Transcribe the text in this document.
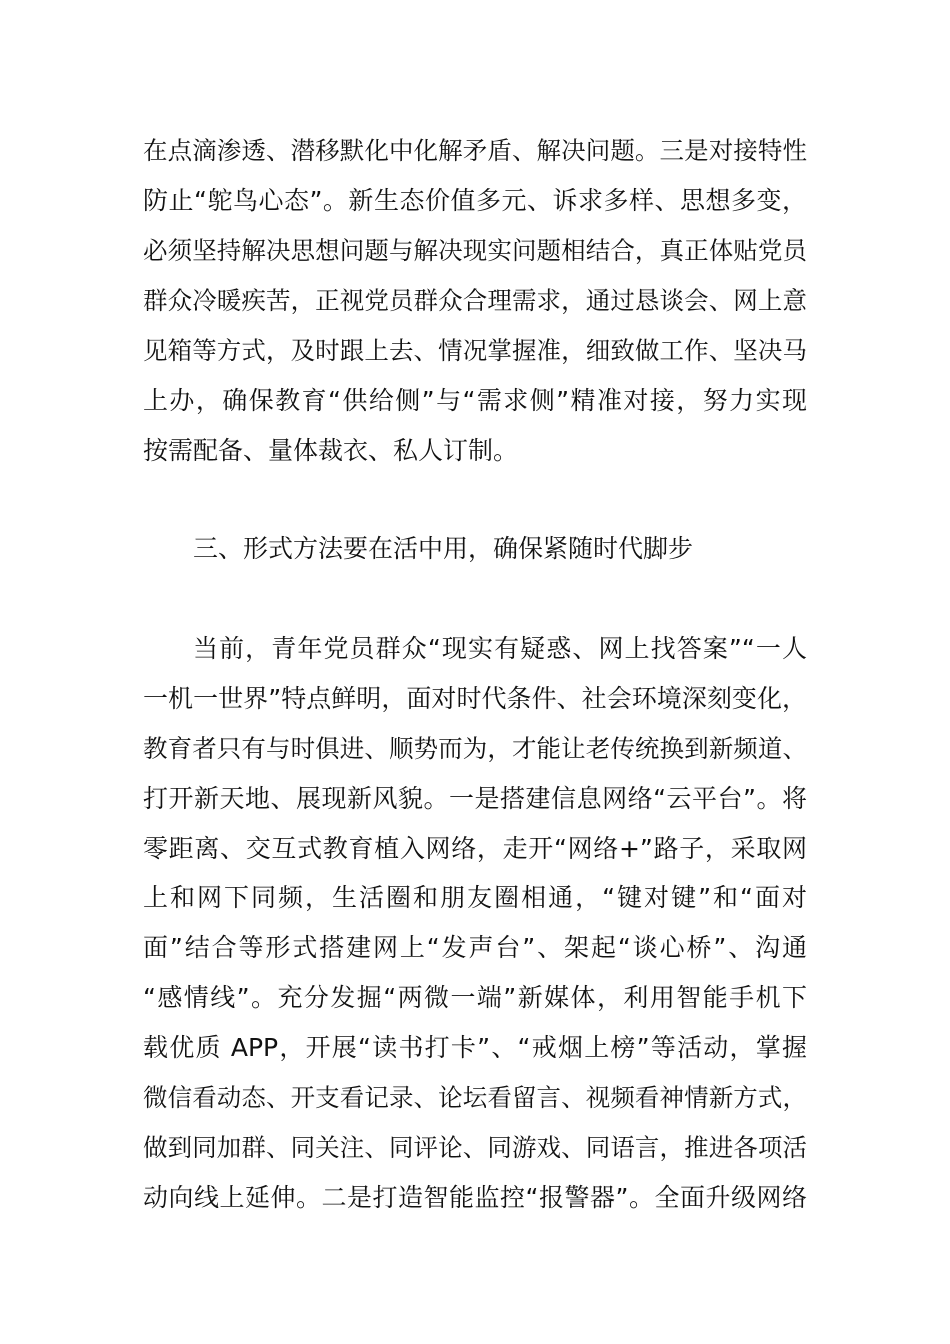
在点滴渗透、潜移默化中化解矛盾、解决问题。三是对接特性
防止“鸵鸟心态”。新生态价值多元、诉求多样、思想多变，
必须坚持解决思想问题与解决现实问题相结合，真正体贴党员
群众冷暖疾苦，正视党员群众合理需求，通过恳谈会、网上意
见箱等方式，及时跟上去、情况掌握准，细致做工作、坚决马
上办，确保教育“供给侧”与“需求侧”精准对接，努力实现
按需配备、量体裁衣、私人订制。
三、形式方法要在活中用，确保紧随时代脚步
当前，青年党员群众“现实有疑惑、网上找答案”“一人
一机一世界”特点鲜明，面对时代条件、社会环境深刻变化，
教育者只有与时俱进、顺势而为，才能让老传统换到新频道、
打开新天地、展现新风貌。一是搭建信息网络“云平台”。将
零距离、交互式教育植入网络，走开“网络+”路子，采取网
上和网下同频，生活圈和朋友圈相通，“键对键”和“面对
面”结合等形式搭建网上“发声台”、架起“谈心桥”、沟通
“感情线”。充分发掘“两微一端”新媒体，利用智能手机下
载优质 APP，开展“读书打卡”、“戒烟上榜”等活动，掌握
微信看动态、开支看记录、论坛看留言、视频看神情新方式，
做到同加群、同关注、同评论、同游戏、同语言，推进各项活
动向线上延伸。二是打造智能监控“报警器”。全面升级网络
